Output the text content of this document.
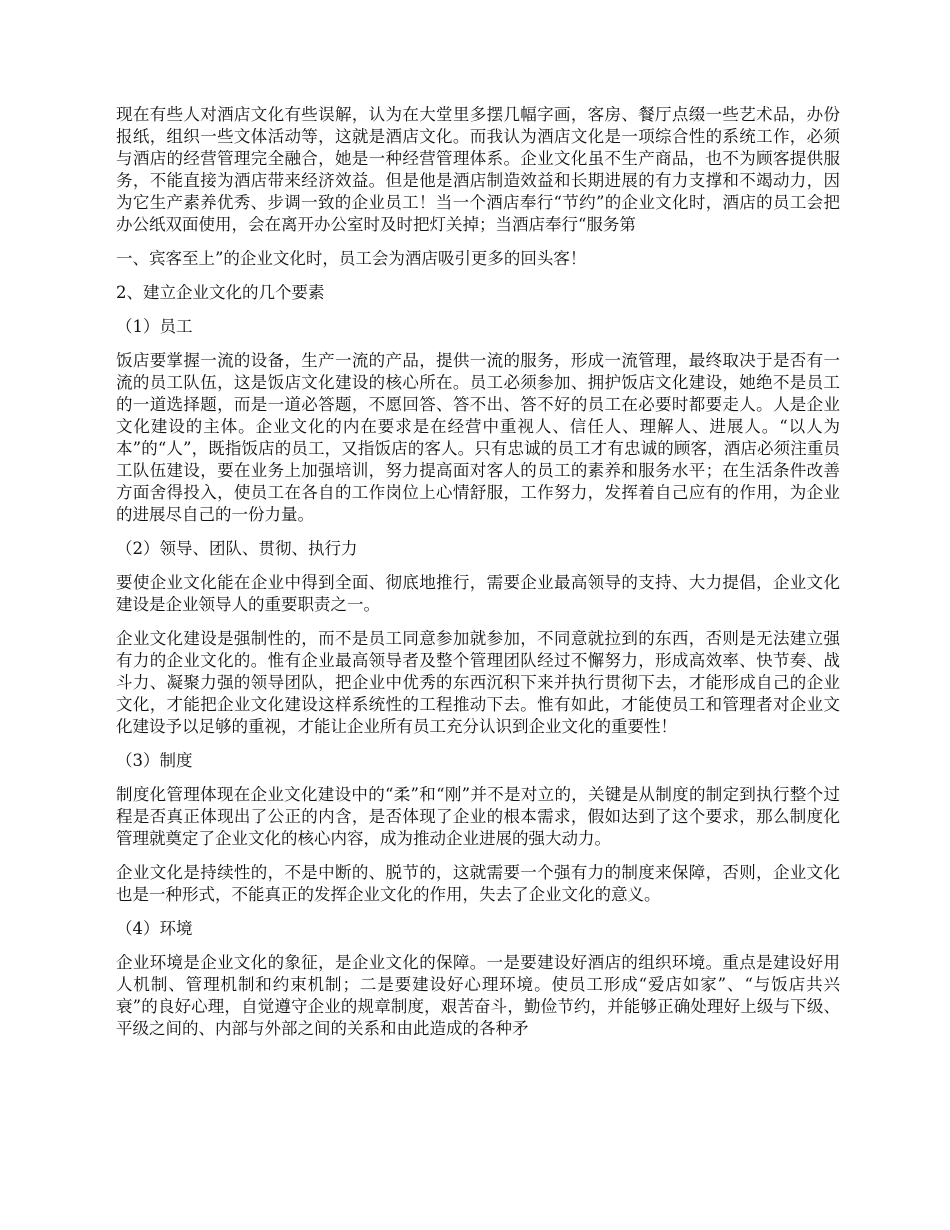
现在有些人对酒店文化有些误解，认为在大堂里多摆几幅字画，客房、餐厅点缀一些艺术品，办份报纸，组织一些文体活动等，这就是酒店文化。而我认为酒店文化是一项综合性的系统工作，必须与酒店的经营管理完全融合，她是一种经营管理体系。企业文化虽不生产商品，也不为顾客提供服务，不能直接为酒店带来经济效益。但是他是酒店制造效益和长期进展的有力支撑和不竭动力，因为它生产素养优秀、步调一致的企业员工！当一个酒店奉行“节约”的企业文化时，酒店的员工会把办公纸双面使用，会在离开办公室时及时把灯关掉；当酒店奉行“服务第

一、宾客至上”的企业文化时，员工会为酒店吸引更多的回头客！

2、建立企业文化的几个要素

（1）员工

饭店要掌握一流的设备，生产一流的产品，提供一流的服务，形成一流管理，最终取决于是否有一流的员工队伍，这是饭店文化建设的核心所在。员工必须参加、拥护饭店文化建设，她绝不是员工的一道选择题，而是一道必答题，不愿回答、答不出、答不好的员工在必要时都要走人。人是企业文化建设的主体。企业文化的内在要求是在经营中重视人、信任人、理解人、进展人。“以人为本”的“人”，既指饭店的员工，又指饭店的客人。只有忠诚的员工才有忠诚的顾客，酒店必须注重员工队伍建设，要在业务上加强培训，努力提高面对客人的员工的素养和服务水平；在生活条件改善方面舍得投入，使员工在各自的工作岗位上心情舒服，工作努力，发挥着自己应有的作用，为企业的进展尽自己的一份力量。

（2）领导、团队、贯彻、执行力

要使企业文化能在企业中得到全面、彻底地推行，需要企业最高领导的支持、大力提倡，企业文化建设是企业领导人的重要职责之一。

企业文化建设是强制性的，而不是员工同意参加就参加，不同意就拉到的东西，否则是无法建立强有力的企业文化的。惟有企业最高领导者及整个管理团队经过不懈努力，形成高效率、快节奏、战斗力、凝聚力强的领导团队，把企业中优秀的东西沉积下来并执行贯彻下去，才能形成自己的企业文化，才能把企业文化建设这样系统性的工程推动下去。惟有如此，才能使员工和管理者对企业文化建设予以足够的重视，才能让企业所有员工充分认识到企业文化的重要性！

（3）制度

制度化管理体现在企业文化建设中的“柔”和“刚”并不是对立的，关键是从制度的制定到执行整个过程是否真正体现出了公正的内含，是否体现了企业的根本需求，假如达到了这个要求，那么制度化管理就奠定了企业文化的核心内容，成为推动企业进展的强大动力。

企业文化是持续性的，不是中断的、脱节的，这就需要一个强有力的制度来保障，否则，企业文化也是一种形式，不能真正的发挥企业文化的作用，失去了企业文化的意义。

（4）环境

企业环境是企业文化的象征，是企业文化的保障。一是要建设好酒店的组织环境。重点是建设好用人机制、管理机制和约束机制；二是要建设好心理环境。使员工形成“爱店如家”、“与饭店共兴衰”的良好心理，自觉遵守企业的规章制度，艰苦奋斗，勤俭节约，并能够正确处理好上级与下级、平级之间的、内部与外部之间的关系和由此造成的各种矛
